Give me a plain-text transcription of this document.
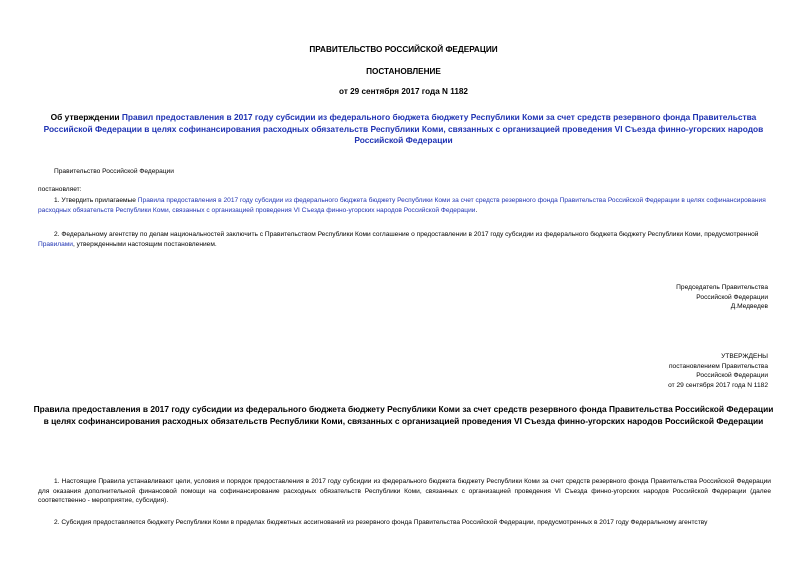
ПРАВИТЕЛЬСТВО РОССИЙСКОЙ ФЕДЕРАЦИИ
ПОСТАНОВЛЕНИЕ
от 29 сентября 2017 года N 1182
Об утверждении Правил предоставления в 2017 году субсидии из федерального бюджета бюджету Республики Коми за счет средств резервного фонда Правительства Российской Федерации в целях софинансирования расходных обязательств Республики Коми, связанных с организацией проведения VI Съезда финно-угорских народов Российской Федерации
Правительство Российской Федерации
постановляет:
1. Утвердить прилагаемые Правила предоставления в 2017 году субсидии из федерального бюджета бюджету Республики Коми за счет средств резервного фонда Правительства Российской Федерации в целях софинансирования расходных обязательств Республики Коми, связанных с организацией проведения VI Съезда финно-угорских народов Российской Федерации.
2. Федеральному агентству по делам национальностей заключить с Правительством Республики Коми соглашение о предоставлении в 2017 году субсидии из федерального бюджета бюджету Республики Коми, предусмотренной Правилами, утвержденными настоящим постановлением.
Председатель Правительства
Российской Федерации
Д.Медведев
УТВЕРЖДЕНЫ
постановлением Правительства
Российской Федерации
от 29 сентября 2017 года N 1182
Правила предоставления в 2017 году субсидии из федерального бюджета бюджету Республики Коми за счет средств резервного фонда Правительства Российской Федерации в целях софинансирования расходных обязательств Республики Коми, связанных с организацией проведения VI Съезда финно-угорских народов Российской Федерации
1. Настоящие Правила устанавливают цели, условия и порядок предоставления в 2017 году субсидии из федерального бюджета бюджету Республики Коми за счет средств резервного фонда Правительства Российской Федерации для оказания дополнительной финансовой помощи на софинансирование расходных обязательств Республики Коми, связанных с организацией проведения VI Съезда финно-угорских народов Российской Федерации (далее соответственно - мероприятие, субсидия).
2. Субсидия предоставляется бюджету Республики Коми в пределах бюджетных ассигнований из резервного фонда Правительства Российской Федерации, предусмотренных в 2017 году Федеральному агентству
